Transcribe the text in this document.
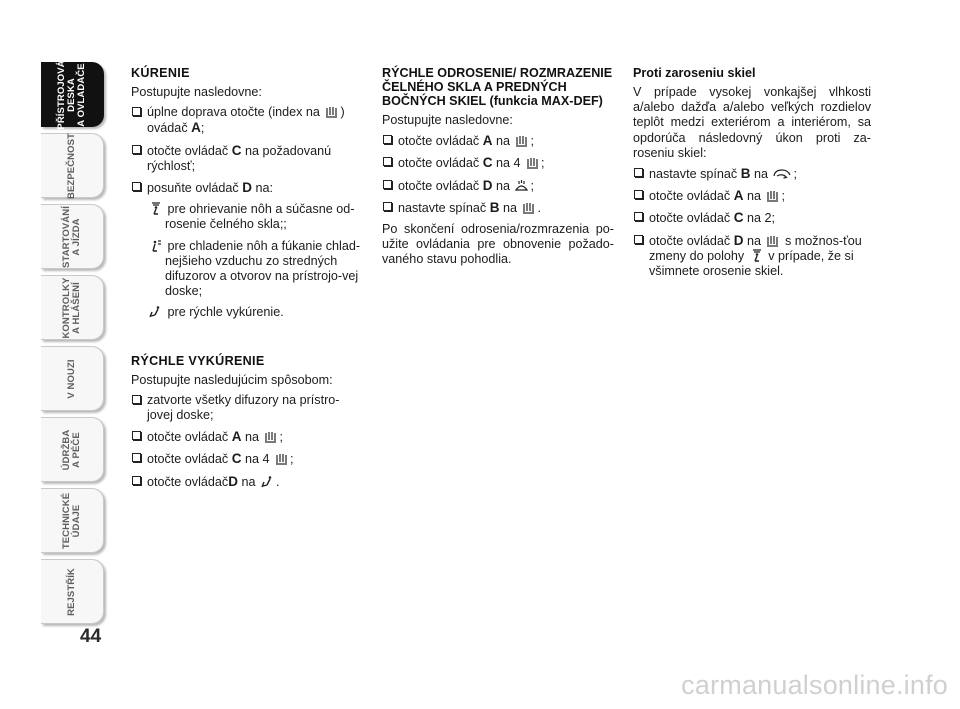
PŘÍSTROJOVÁ
DESKA
A OVLADAČE
BEZPEČNOST
STARTOVÁNÍ
A JÍZDA
KONTROLKY
A HLÁŠENÍ
V NOUZI
ÚDRŽBA
A PÉČE
TECHNICKÉ
ÚDAJE
REJSTŘÍK
44
KÚRENIE

Postupujte nasledovne:

úplne doprava otočte (index na ) ovádač A;
otočte ovládač C na požadovanú rýchlosť;
posuňte ovládač D na:
pre ohrievanie nôh a súčasne od-rosenie čelného skla;;
pre chladenie nôh a fúkanie chlad-nejšieho vzduchu zo stredných difuzorov a otvorov na prístrojo-vej doske;
pre rýchle vykúrenie.
RÝCHLE VYKÚRENIE

Postupujte nasledujúcim spôsobom:

zatvorte všetky difuzory na prístro-jovej doske;
otočte ovládač A na ;
otočte ovládač C na 4 ;
otočte ovládačD na .
RÝCHLE ODROSENIE/ ROZMRAZENIE ČELNÉHO SKLA A PREDNÝCH BOČNÝCH SKIEL (funkcia MAX-DEF)

Postupujte nasledovne:

otočte ovládač A na ;
otočte ovládač C na 4 ;
otočte ovládač D na ;
nastavte spínač B na .

Po skončení odrosenia/rozmrazenia po-užite ovládania pre obnovenie požado-vaného stavu pohodlia.

Proti zaroseniu skiel

V prípade vysokej vonkajšej vlhkosti a/alebo dažďa a/alebo veľkých rozdielov teplôt medzi exteriérom a interiérom, sa opdorúča následovný úkon proti za-roseniu skiel:

nastavte spínač B na ;
otočte ovládač A na ;
otočte ovládač C na 2;
otočte ovládač D na s možnos-ťou zmeny do polohy v prípade, že si všimnete orosenie skiel.
carmanualsonline.info
